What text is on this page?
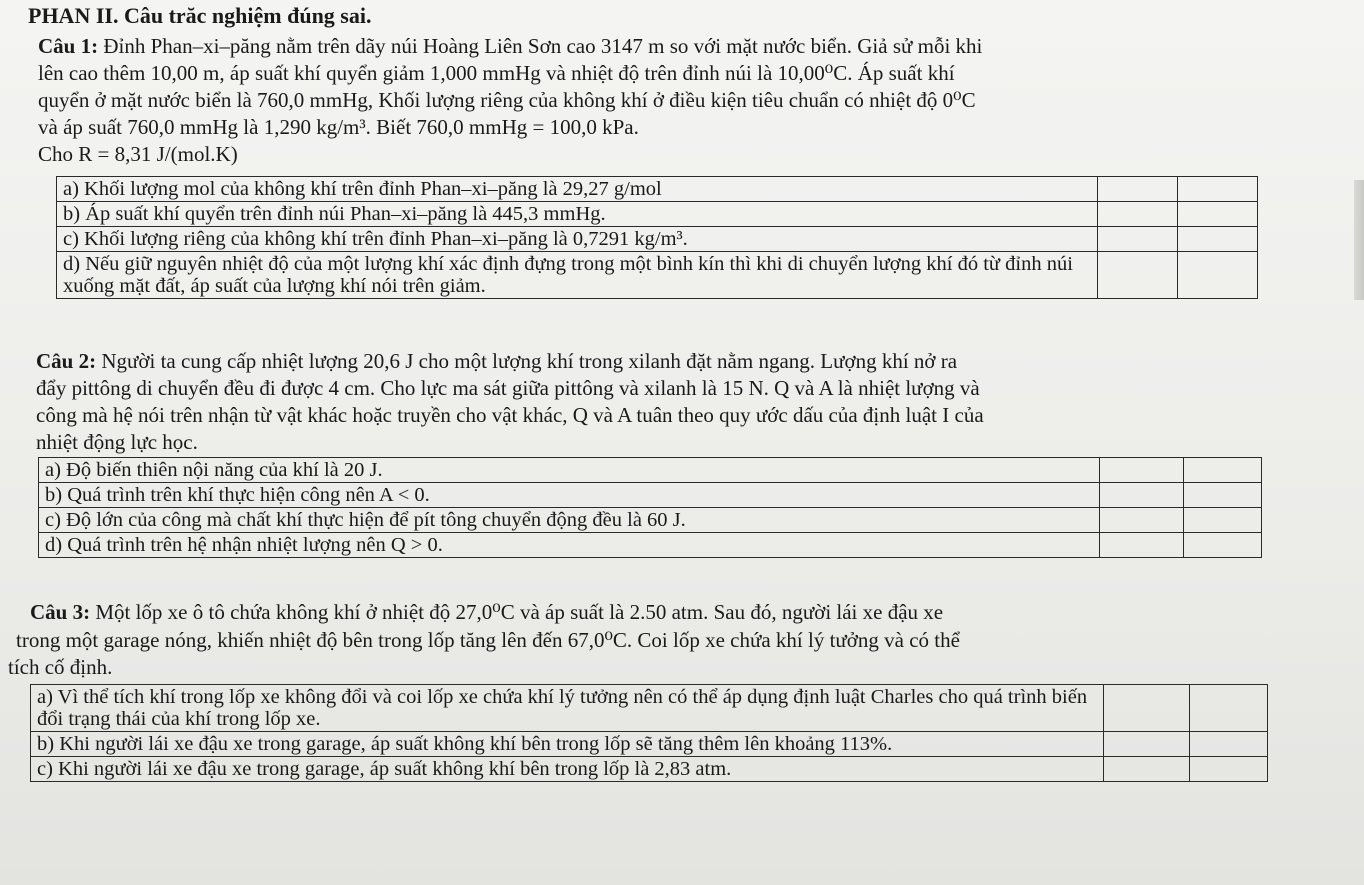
PHAN II. Câu trăc nghiệm đúng sai.
Câu 1: Đỉnh Phan–xi–păng nằm trên dãy núi Hoàng Liên Sơn cao 3147 m so với mặt nước biển. Giả sử mỗi khi
lên cao thêm 10,00 m, áp suất khí quyển giảm 1,000 mmHg và nhiệt độ trên đỉnh núi là 10,00⁰C. Áp suất khí
quyển ở mặt nước biển là 760,0 mmHg, Khối lượng riêng của không khí ở điều kiện tiêu chuẩn có nhiệt độ 0⁰C
và áp suất 760,0 mmHg là 1,290 kg/m³. Biết 760,0 mmHg = 100,0 kPa.
Cho R = 8,31 J/(mol.K)
a) Khối lượng mol của không khí trên đỉnh Phan–xi–păng là 29,27 g/mol		
b) Áp suất khí quyển trên đỉnh núi Phan–xi–păng là 445,3 mmHg.		
c) Khối lượng riêng của không khí trên đỉnh Phan–xi–păng là 0,7291 kg/m³.		
d) Nếu giữ nguyên nhiệt độ của một lượng khí xác định đựng trong một bình kín thì khi di chuyển lượng khí đó từ đỉnh núi xuống mặt đất, áp suất của lượng khí nói trên giảm.		
Câu 2: Người ta cung cấp nhiệt lượng 20,6 J cho một lượng khí trong xilanh đặt nằm ngang. Lượng khí nở ra
đẩy pittông di chuyển đều đi được 4 cm. Cho lực ma sát giữa pittông và xilanh là 15 N. Q và A là nhiệt lượng và
công mà hệ nói trên nhận từ vật khác hoặc truyền cho vật khác, Q và A tuân theo quy ước dấu của định luật I của
nhiệt động lực học.
a) Độ biến thiên nội năng của khí là 20 J.		
b) Quá trình trên khí thực hiện công nên A < 0.		
c) Độ lớn của công mà chất khí thực hiện để pít tông chuyển động đều là 60 J.		
d) Quá trình trên hệ nhận nhiệt lượng nên Q > 0.		
Câu 3: Một lốp xe ô tô chứa không khí ở nhiệt độ 27,0⁰C và áp suất là 2.50 atm. Sau đó, người lái xe đậu xe
trong một garage nóng, khiến nhiệt độ bên trong lốp tăng lên đến 67,0⁰C. Coi lốp xe chứa khí lý tưởng và có thể
tích cố định.
a) Vì thể tích khí trong lốp xe không đổi và coi lốp xe chứa khí lý tưởng nên có thể áp dụng định luật Charles cho quá trình biến đổi trạng thái của khí trong lốp xe.		
b) Khi người lái xe đậu xe trong garage, áp suất không khí bên trong lốp sẽ tăng thêm lên khoảng 113%.		
c) Khi người lái xe đậu xe trong garage, áp suất không khí bên trong lốp là 2,83 atm.		
